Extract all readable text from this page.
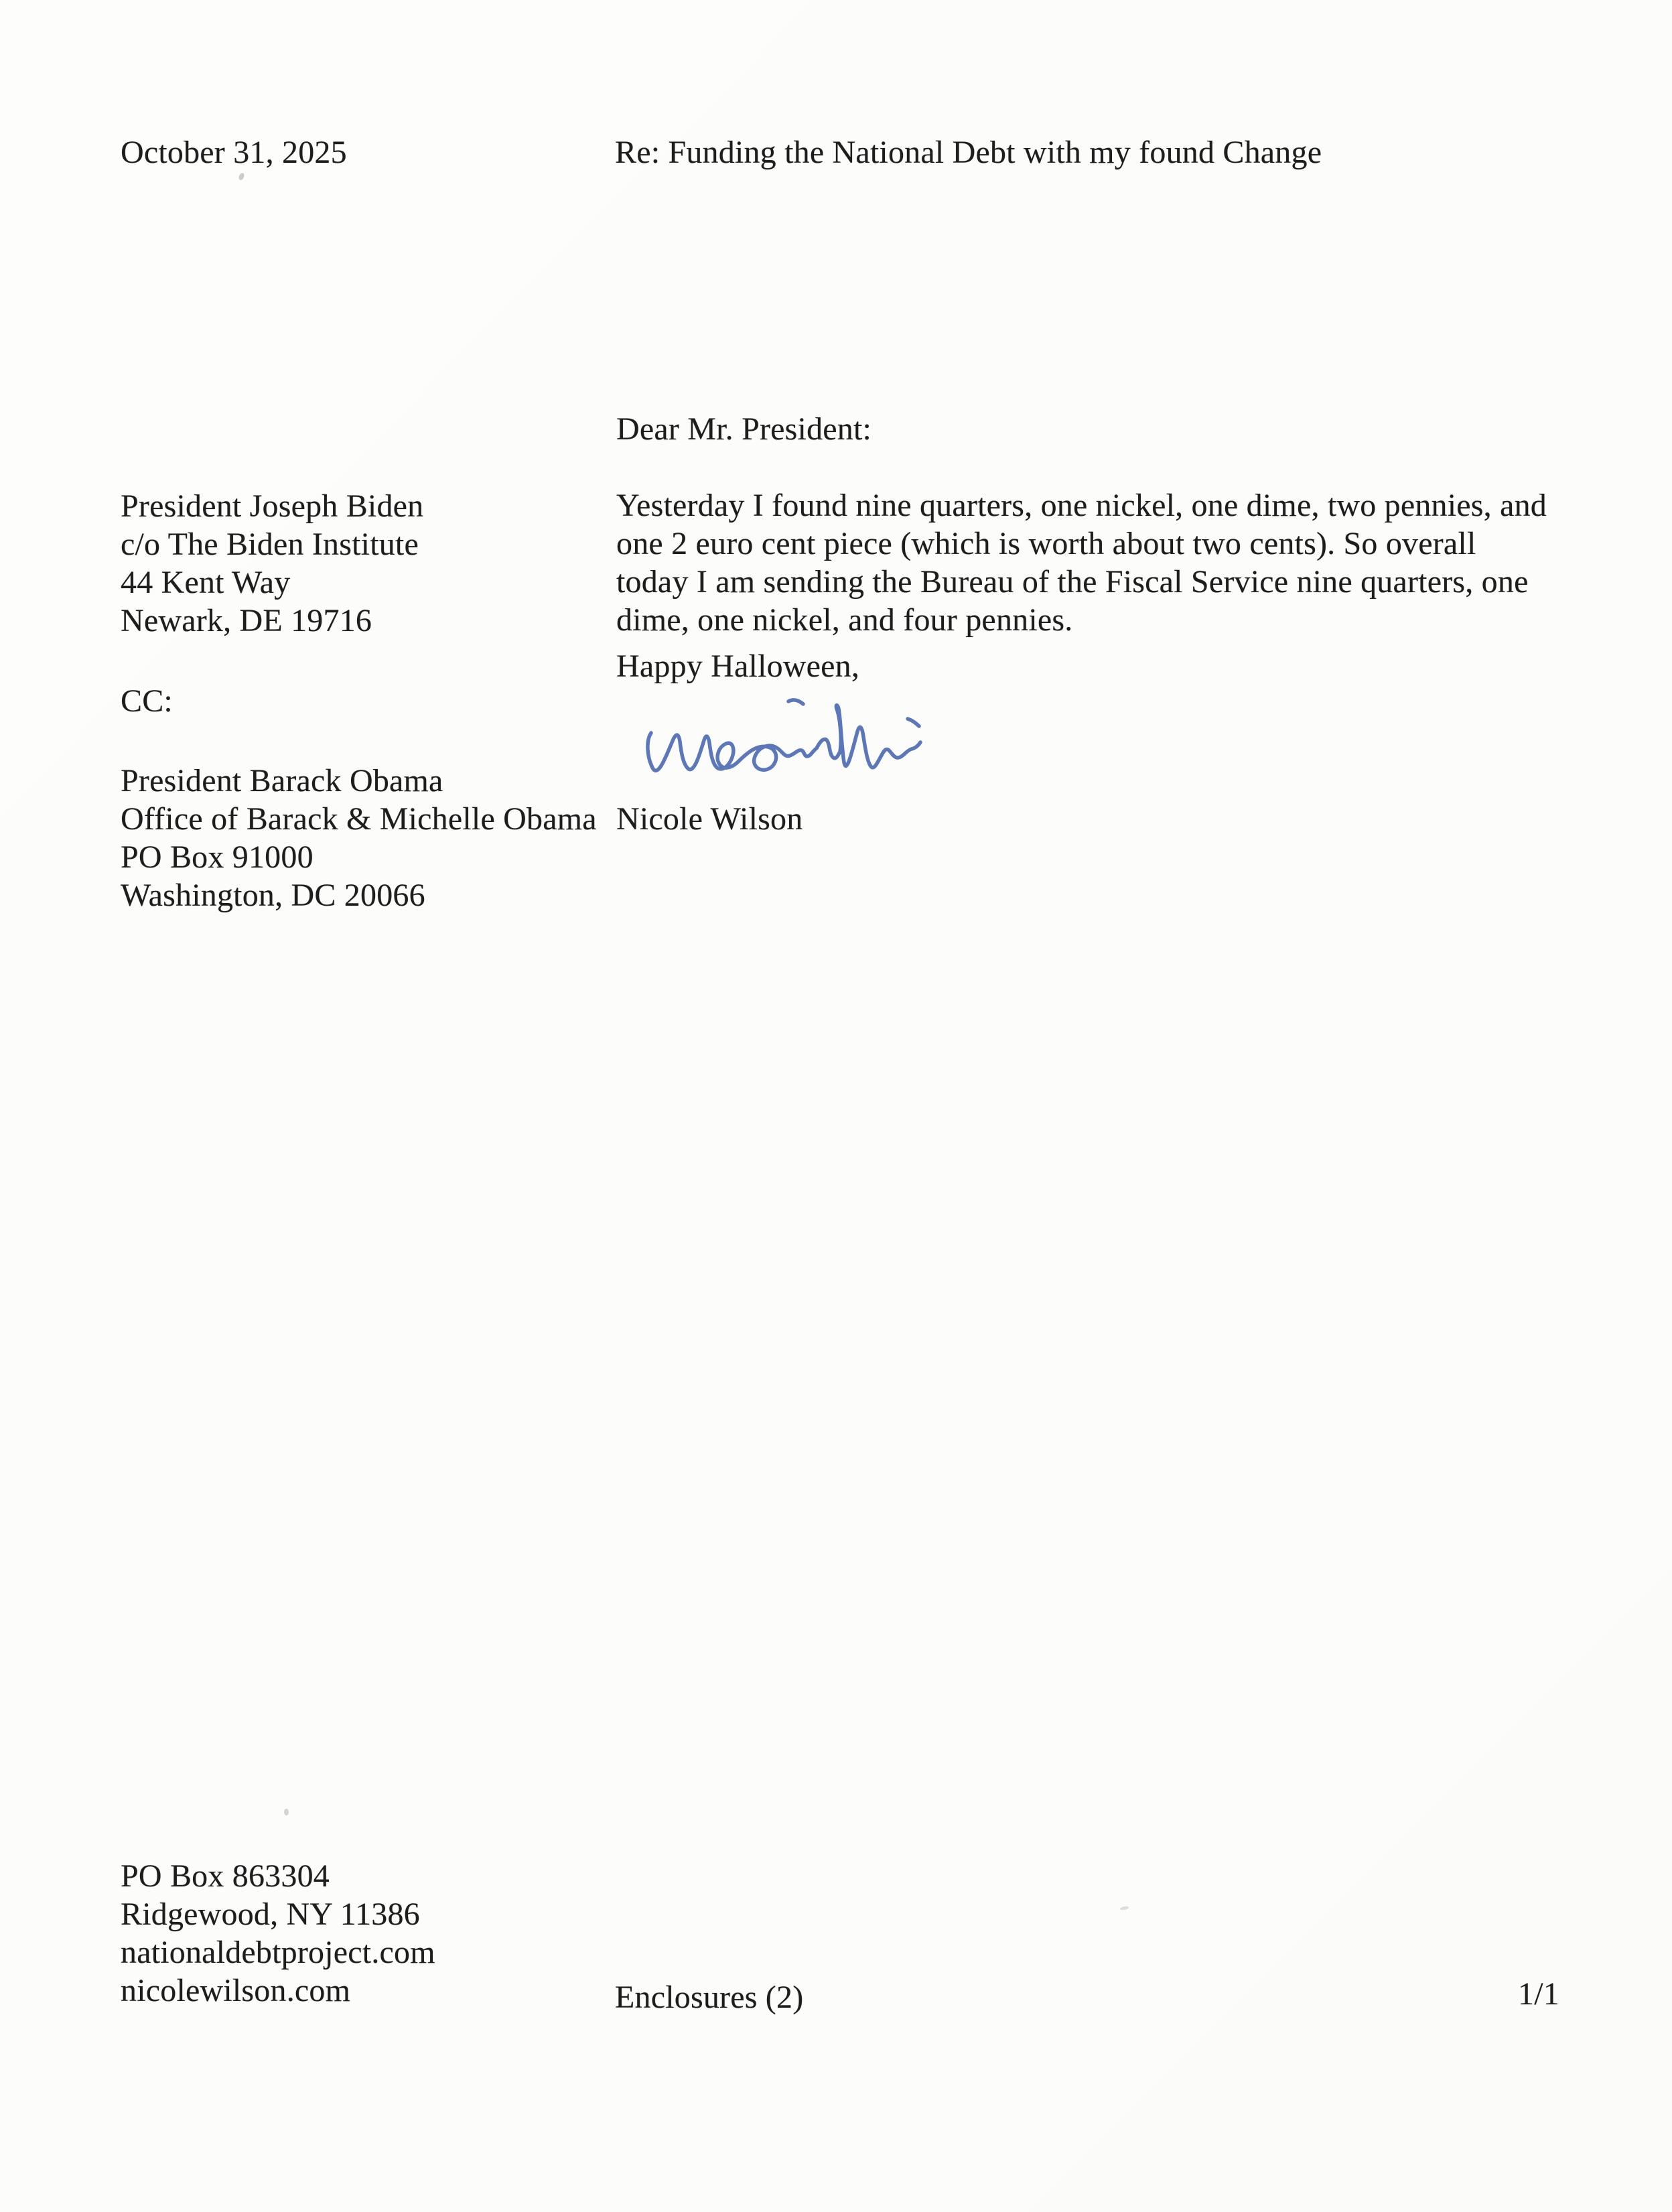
October 31, 2025	Re: Funding the National Debt with my found Change
President Joseph Biden
c/o The Biden Institute
44 Kent Way
Newark, DE 19716
CC:
President Barack Obama
Office of Barack & Michelle Obama
PO Box 91000
Washington, DC 20066
Dear Mr. President:
Yesterday I found nine quarters, one nickel, one dime, two pennies, and one 2 euro cent piece (which is worth about two cents). So overall today I am sending the Bureau of the Fiscal Service nine quarters, one dime, one nickel, and four pennies.
Happy Halloween,
Nicole Wilson
PO Box 863304
Ridgewood, NY 11386
nationaldebtproject.com
nicolewilson.com	Enclosures (2)	1/1
